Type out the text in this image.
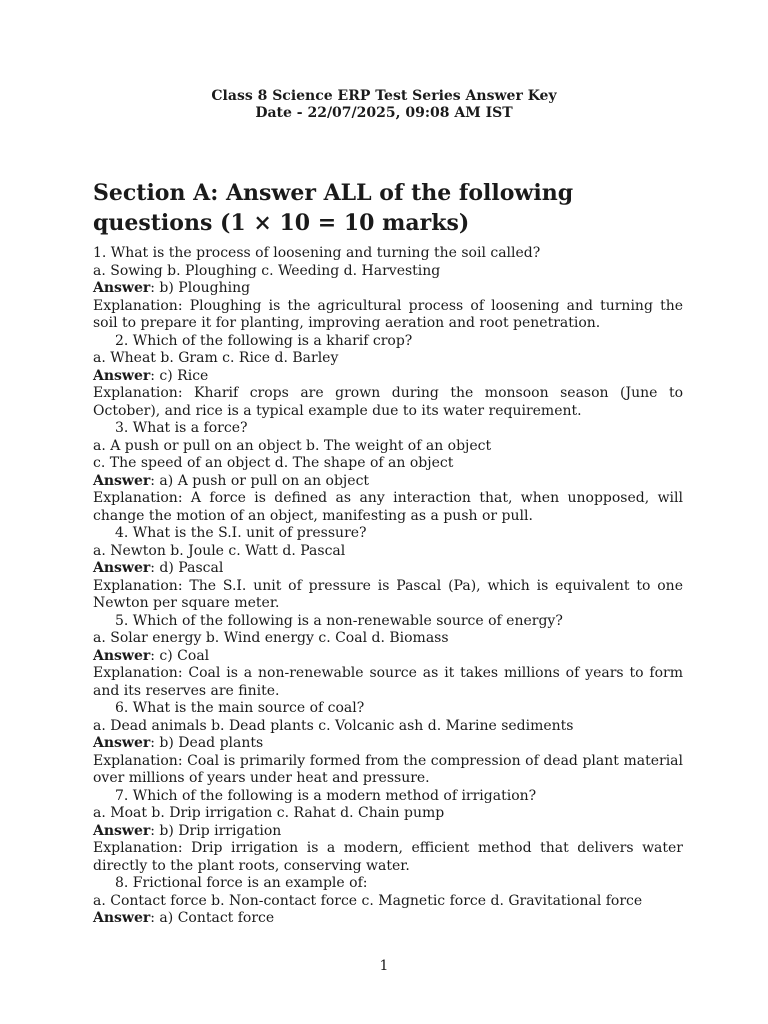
Class 8 Science ERP Test Series Answer Key
Date - 22/07/2025, 09:08 AM IST
Section A: Answer ALL of the following questions (1 × 10 = 10 marks)
1. What is the process of loosening and turning the soil called?
a. Sowing b. Ploughing c. Weeding d. Harvesting
Answer: b) Ploughing
Explanation: Ploughing is the agricultural process of loosening and turning the soil to prepare it for planting, improving aeration and root penetration.
2. Which of the following is a kharif crop?
a. Wheat b. Gram c. Rice d. Barley
Answer: c) Rice
Explanation: Kharif crops are grown during the monsoon season (June to October), and rice is a typical example due to its water requirement.
3. What is a force?
a. A push or pull on an object b. The weight of an object
c. The speed of an object d. The shape of an object
Answer: a) A push or pull on an object
Explanation: A force is defined as any interaction that, when unopposed, will change the motion of an object, manifesting as a push or pull.
4. What is the S.I. unit of pressure?
a. Newton b. Joule c. Watt d. Pascal
Answer: d) Pascal
Explanation: The S.I. unit of pressure is Pascal (Pa), which is equivalent to one Newton per square meter.
5. Which of the following is a non-renewable source of energy?
a. Solar energy b. Wind energy c. Coal d. Biomass
Answer: c) Coal
Explanation: Coal is a non-renewable source as it takes millions of years to form and its reserves are finite.
6. What is the main source of coal?
a. Dead animals b. Dead plants c. Volcanic ash d. Marine sediments
Answer: b) Dead plants
Explanation: Coal is primarily formed from the compression of dead plant material over millions of years under heat and pressure.
7. Which of the following is a modern method of irrigation?
a. Moat b. Drip irrigation c. Rahat d. Chain pump
Answer: b) Drip irrigation
Explanation: Drip irrigation is a modern, efficient method that delivers water directly to the plant roots, conserving water.
8. Frictional force is an example of:
a. Contact force b. Non-contact force c. Magnetic force d. Gravitational force
Answer: a) Contact force
1
